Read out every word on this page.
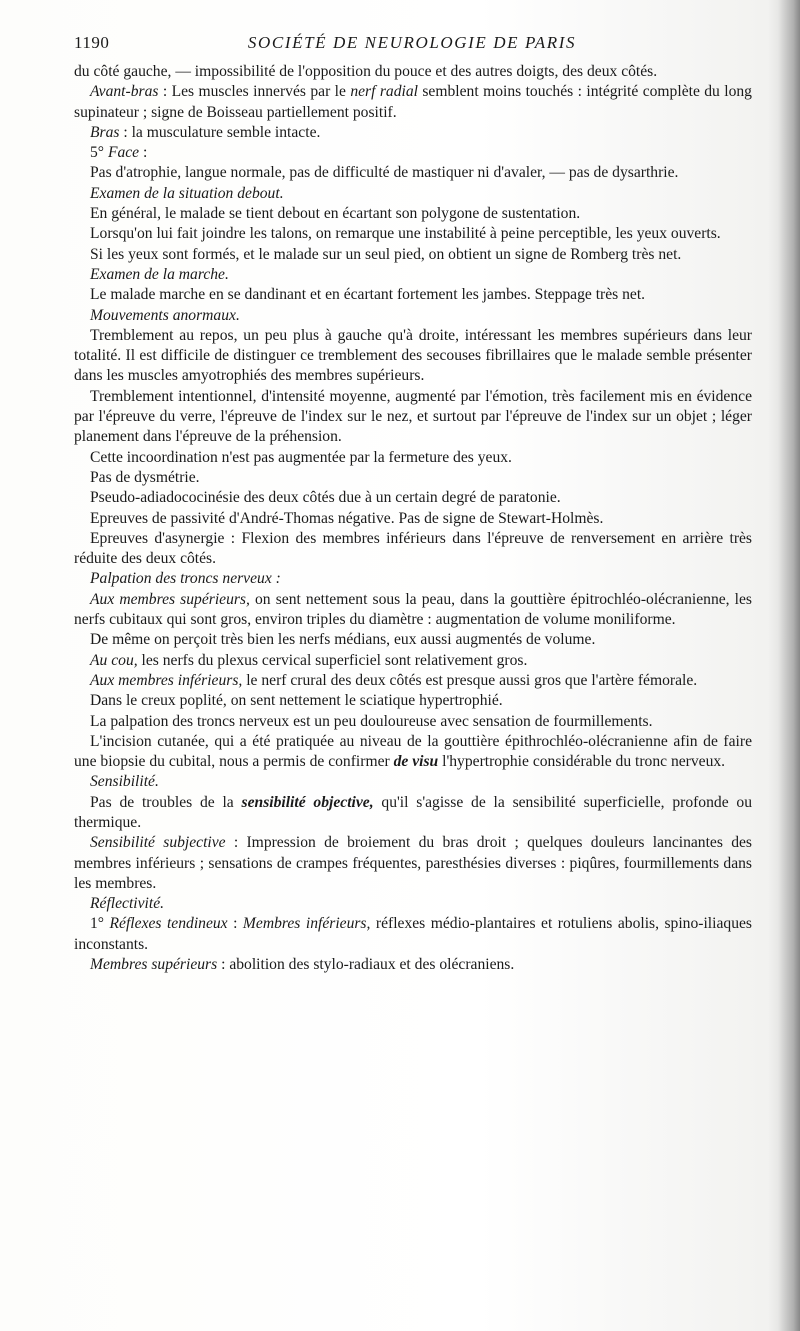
1190	SOCIÉTÉ DE NEUROLOGIE DE PARIS

du côté gauche, — impossibilité de l'opposition du pouce et des autres doigts, des deux côtés.

Avant-bras : Les muscles innervés par le nerf radial semblent moins touchés : intégrité complète du long supinateur ; signe de Boisseau partiellement positif.

Bras : la musculature semble intacte.

5° Face :

Pas d'atrophie, langue normale, pas de difficulté de mastiquer ni d'avaler, — pas de dysarthrie.

Examen de la situation debout.

En général, le malade se tient debout en écartant son polygone de sustentation.

Lorsqu'on lui fait joindre les talons, on remarque une instabilité à peine perceptible, les yeux ouverts.

Si les yeux sont formés, et le malade sur un seul pied, on obtient un signe de Romberg très net.

Examen de la marche.

Le malade marche en se dandinant et en écartant fortement les jambes. Steppage très net.

Mouvements anormaux.

Tremblement au repos, un peu plus à gauche qu'à droite, intéressant les membres supérieurs dans leur totalité. Il est difficile de distinguer ce tremblement des secouses fibrillaires que le malade semble présenter dans les muscles amyotrophiés des membres supérieurs.

Tremblement intentionnel, d'intensité moyenne, augmenté par l'émotion, très facilement mis en évidence par l'épreuve du verre, l'épreuve de l'index sur le nez, et surtout par l'épreuve de l'index sur un objet ; léger planement dans l'épreuve de la préhension.

Cette incoordination n'est pas augmentée par la fermeture des yeux.

Pas de dysmétrie.

Pseudo-adiadococinésie des deux côtés due à un certain degré de paratonie.

Epreuves de passivité d'André-Thomas négative. Pas de signe de Stewart-Holmès.

Epreuves d'asynergie : Flexion des membres inférieurs dans l'épreuve de renversement en arrière très réduite des deux côtés.

Palpation des troncs nerveux :

Aux membres supérieurs, on sent nettement sous la peau, dans la gouttière épitrochléo-olécranienne, les nerfs cubitaux qui sont gros, environ triples du diamètre : augmentation de volume moniliforme.

De même on perçoit très bien les nerfs médians, eux aussi augmentés de volume.

Au cou, les nerfs du plexus cervical superficiel sont relativement gros.

Aux membres inférieurs, le nerf crural des deux côtés est presque aussi gros que l'artère fémorale.

Dans le creux poplité, on sent nettement le sciatique hypertrophié.

La palpation des troncs nerveux est un peu douloureuse avec sensation de fourmillements.

L'incision cutanée, qui a été pratiquée au niveau de la gouttière épithrochléo-olécranienne afin de faire une biopsie du cubital, nous a permis de confirmer de visu l'hypertrophie considérable du tronc nerveux.

Sensibilité.

Pas de troubles de la sensibilité objective, qu'il s'agisse de la sensibilité superficielle, profonde ou thermique.

Sensibilité subjective : Impression de broiement du bras droit ; quelques douleurs lancinantes des membres inférieurs ; sensations de crampes fréquentes, paresthésies diverses : piqûres, fourmillements dans les membres.

Réflectivité.

1° Réflexes tendineux : Membres inférieurs, réflexes médio-plantaires et rotuliens abolis, spino-iliaques inconstants.

Membres supérieurs : abolition des stylo-radiaux et des olécraniens.
